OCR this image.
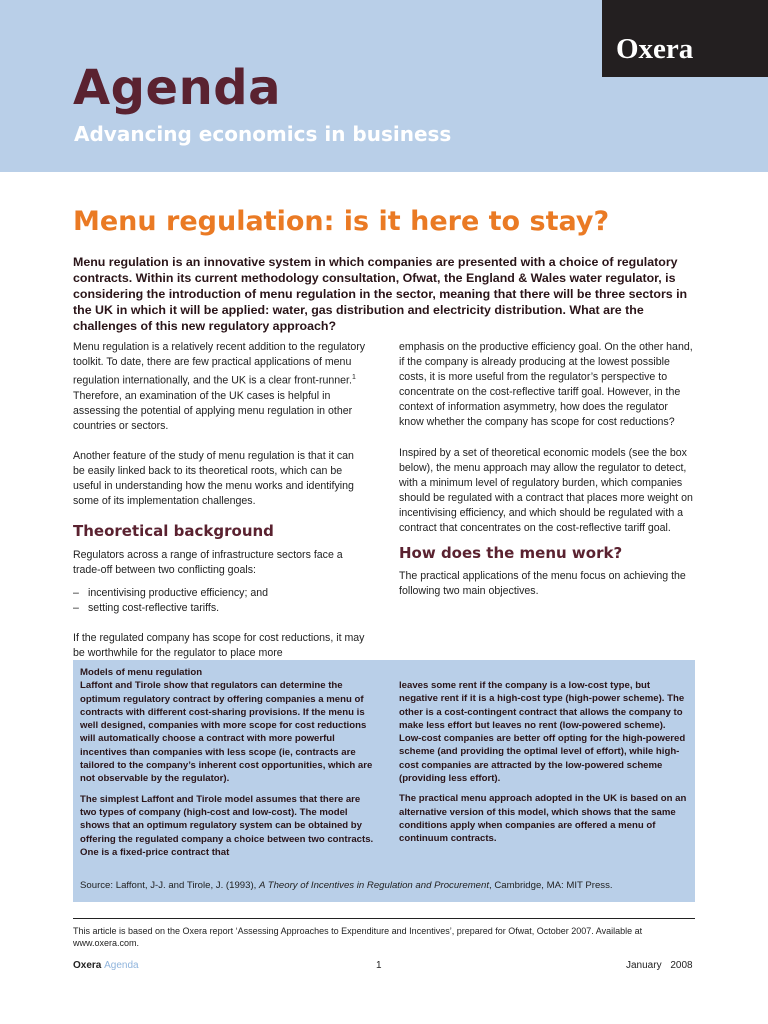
Oxera
Agenda
Advancing economics in business
Menu regulation: is it here to stay?
Menu regulation is an innovative system in which companies are presented with a choice of regulatory contracts. Within its current methodology consultation, Ofwat, the England & Wales water regulator, is considering the introduction of menu regulation in the sector, meaning that there will be three sectors in the UK in which it will be applied: water, gas distribution and electricity distribution. What are the challenges of this new regulatory approach?

Menu regulation is a relatively recent addition to the regulatory toolkit. To date, there are few practical applications of menu regulation internationally, and the UK is a clear front-runner.$^1$ Therefore, an examination of the UK cases is helpful in assessing the potential of applying menu regulation in other countries or sectors.

Another feature of the study of menu regulation is that it can be easily linked back to its theoretical roots, which can be useful in understanding how the menu works and identifying some of its implementation challenges.

Theoretical background

Regulators across a range of infrastructure sectors face a trade-off between two conflicting goals:

– incentivising productive efficiency; and
– setting cost-reflective tariffs.

If the regulated company has scope for cost reductions, it may be worthwhile for the regulator to place more

emphasis on the productive efficiency goal. On the other hand, if the company is already producing at the lowest possible costs, it is more useful from the regulator’s perspective to concentrate on the cost-reflective tariff goal. However, in the context of information asymmetry, how does the regulator know whether the company has scope for cost reductions?

Inspired by a set of theoretical economic models (see the box below), the menu approach may allow the regulator to detect, with a minimum level of regulatory burden, which companies should be regulated with a contract that places more weight on incentivising efficiency, and which should be regulated with a contract that concentrates on the cost-reflective tariff goal.

How does the menu work?

The practical applications of the menu focus on achieving the following two main objectives.

Models of menu regulation

Laffont and Tirole show that regulators can determine the optimum regulatory contract by offering companies a menu of contracts with different cost-sharing provisions. If the menu is well designed, companies with more scope for cost reductions will automatically choose a contract with more powerful incentives than companies with less scope (ie, contracts are tailored to the company’s inherent cost opportunities, which are not observable by the regulator).

The simplest Laffont and Tirole model assumes that there are two types of company (high-cost and low-cost). The model shows that an optimum regulatory system can be obtained by offering the regulated company a choice between two contracts. One is a fixed-price contract that

leaves some rent if the company is a low-cost type, but negative rent if it is a high-cost type (high-power scheme). The other is a cost-contingent contract that allows the company to make less effort but leaves no rent (low-powered scheme). Low-cost companies are better off opting for the high-powered scheme (and providing the optimal level of effort), while high-cost companies are attracted by the low-powered scheme (providing less effort).

The practical menu approach adopted in the UK is based on an alternative version of this model, which shows that the same conditions apply when companies are offered a menu of continuum contracts.

Source: Laffont, J-J. and Tirole, J. (1993), A Theory of Incentives in Regulation and Procurement, Cambridge, MA: MIT Press.
This article is based on the Oxera report ‘Assessing Approaches to Expenditure and Incentives’, prepared for Ofwat, October 2007. Available at www.oxera.com.
Oxera Agenda	1	January 2008
